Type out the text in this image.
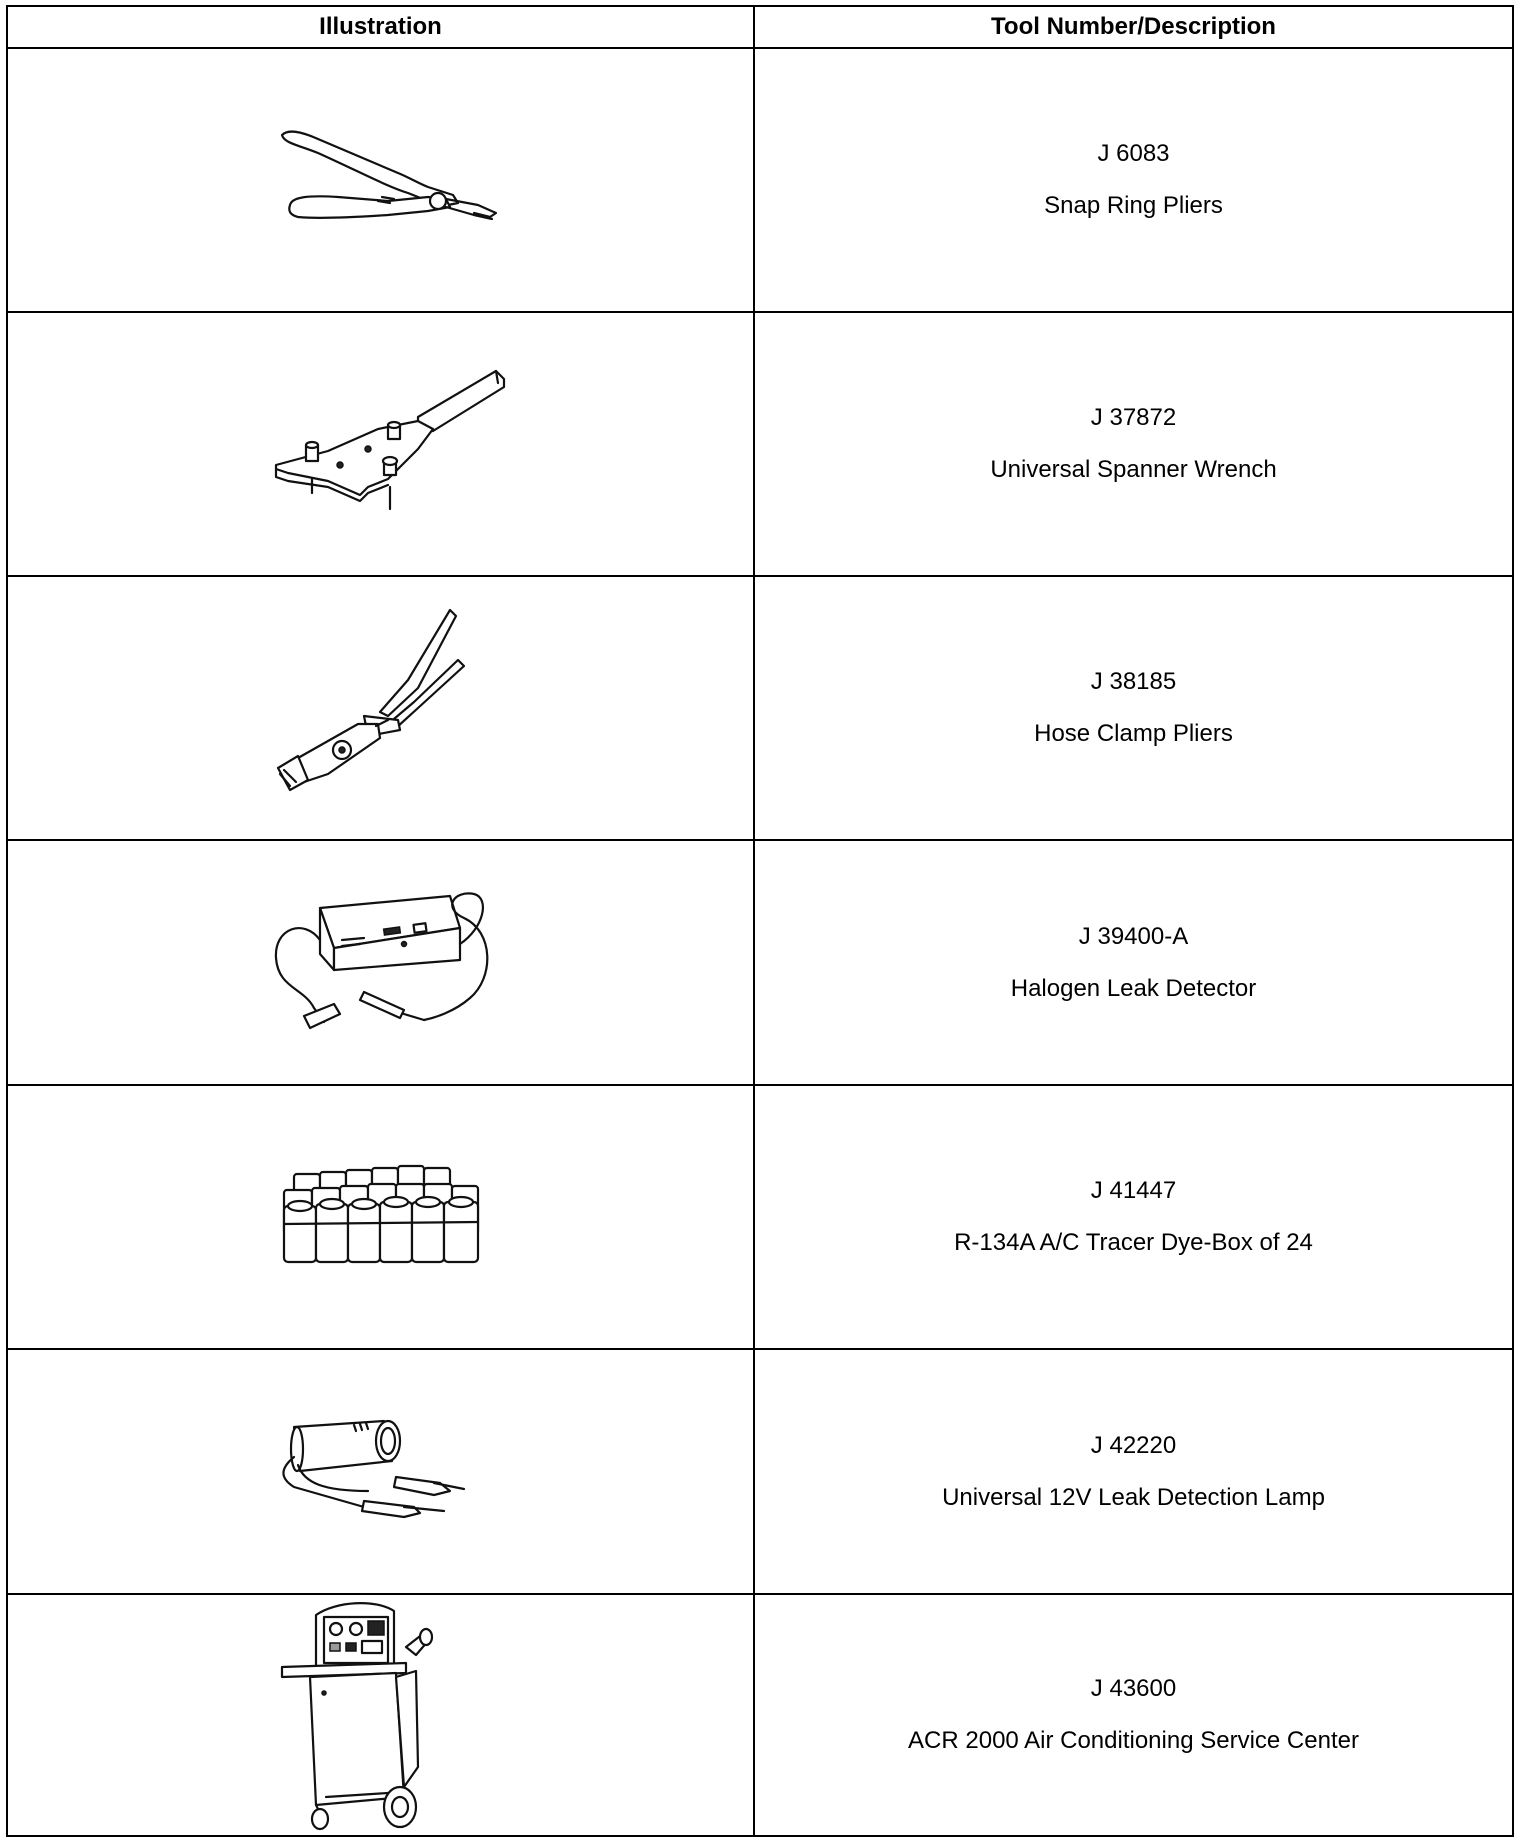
Illustration	Tool Number/Description

J 6083
Snap Ring Pliers

J 37872
Universal Spanner Wrench

J 38185
Hose Clamp Pliers

J 39400-A
Halogen Leak Detector

J 41447
R-134A A/C Tracer Dye-Box of 24

J 42220
Universal 12V Leak Detection Lamp

J 43600
ACR 2000 Air Conditioning Service Center
